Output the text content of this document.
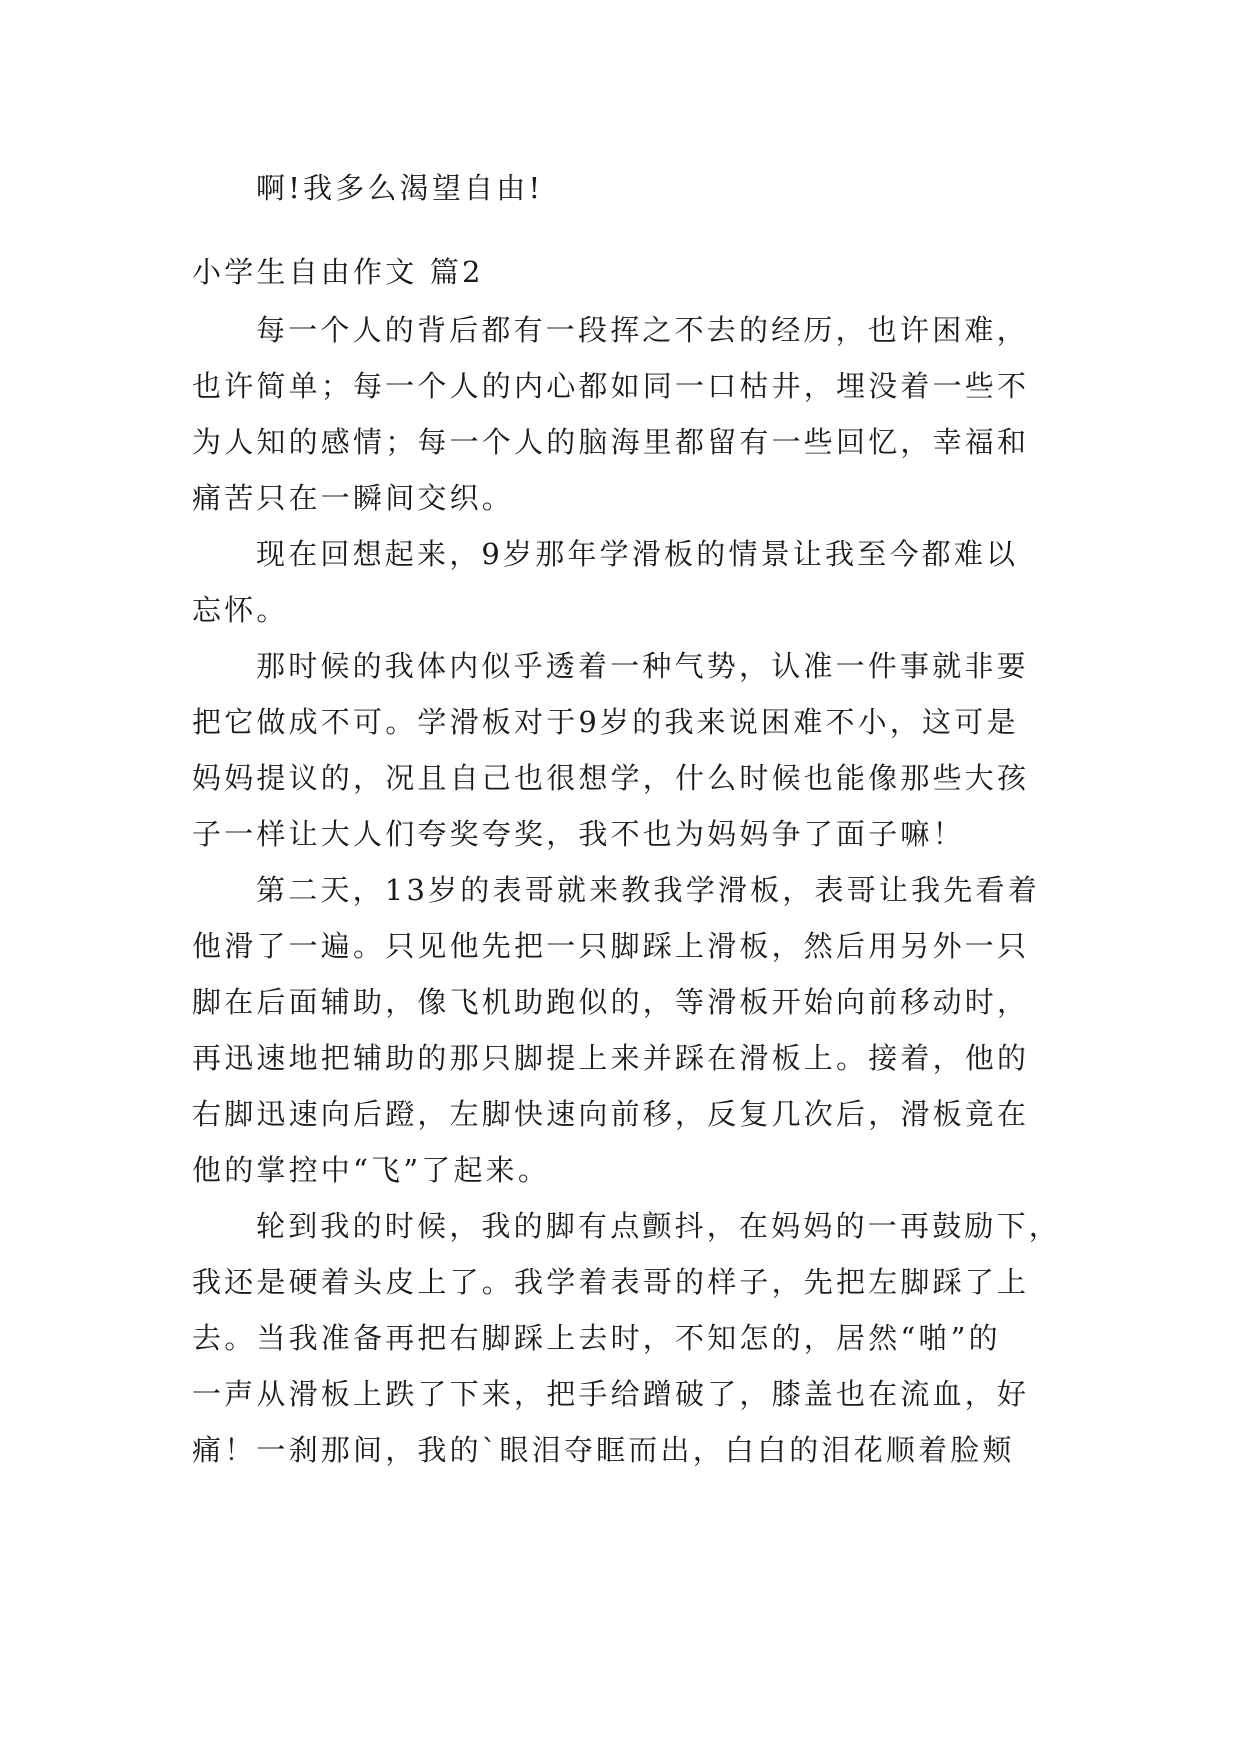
啊!我多么渴望自由!
小学生自由作文 篇2
每一个人的背后都有一段挥之不去的经历，也许困难，
也许简单；每一个人的内心都如同一口枯井，埋没着一些不
为人知的感情；每一个人的脑海里都留有一些回忆，幸福和
痛苦只在一瞬间交织。
现在回想起来，9岁那年学滑板的情景让我至今都难以
忘怀。
那时候的我体内似乎透着一种气势，认准一件事就非要
把它做成不可。学滑板对于9岁的我来说困难不小，这可是
妈妈提议的，况且自己也很想学，什么时候也能像那些大孩
子一样让大人们夸奖夸奖，我不也为妈妈争了面子嘛！
第二天，13岁的表哥就来教我学滑板，表哥让我先看着
他滑了一遍。只见他先把一只脚踩上滑板，然后用另外一只
脚在后面辅助，像飞机助跑似的，等滑板开始向前移动时，
再迅速地把辅助的那只脚提上来并踩在滑板上。接着，他的
右脚迅速向后蹬，左脚快速向前移，反复几次后，滑板竟在
他的掌控中“飞”了起来。
轮到我的时候，我的脚有点颤抖，在妈妈的一再鼓励下，
我还是硬着头皮上了。我学着表哥的样子，先把左脚踩了上
去。当我准备再把右脚踩上去时，不知怎的，居然“啪”的
一声从滑板上跌了下来，把手给蹭破了，膝盖也在流血，好
痛！一刹那间，我的`眼泪夺眶而出，白白的泪花顺着脸颊
